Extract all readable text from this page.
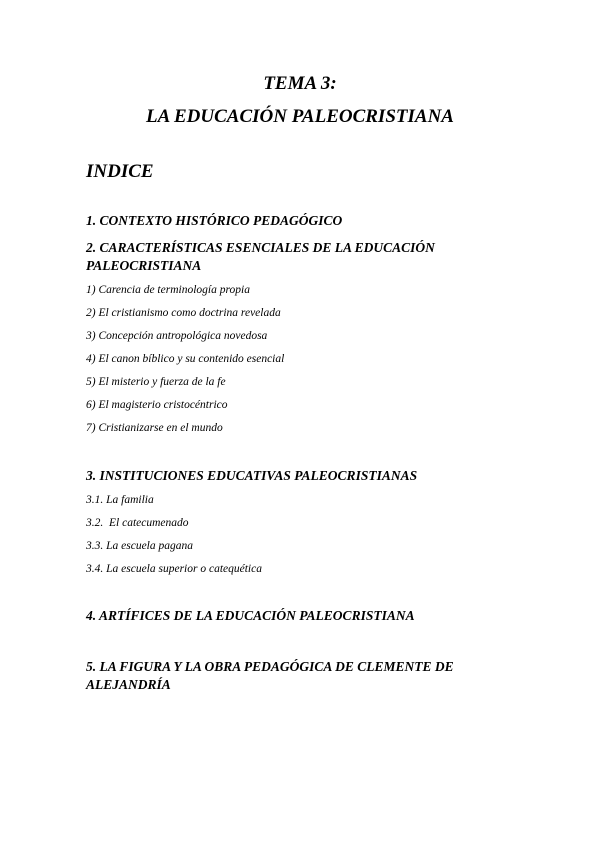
TEMA 3:
LA EDUCACIÓN PALEOCRISTIANA
INDICE
1. CONTEXTO HISTÓRICO PEDAGÓGICO
2. CARACTERÍSTICAS ESENCIALES DE LA EDUCACIÓN PALEOCRISTIANA
1) Carencia de terminología propia
2) El cristianismo como doctrina revelada
3) Concepción antropológica novedosa
4) El canon bíblico y su contenido esencial
5) El misterio y fuerza de la fe
6) El magisterio cristocéntrico
7) Cristianizarse en el mundo
3. INSTITUCIONES EDUCATIVAS PALEOCRISTIANAS
3.1. La familia
3.2.  El catecumenado
3.3. La escuela pagana
3.4. La escuela superior o catequética
4. ARTÍFICES DE LA EDUCACIÓN PALEOCRISTIANA
5. LA FIGURA Y LA OBRA PEDAGÓGICA DE CLEMENTE DE ALEJANDRÍA
